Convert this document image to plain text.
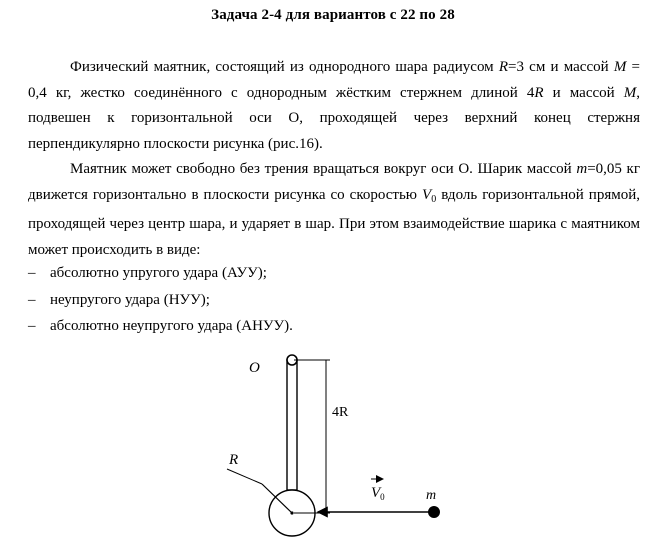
Задача 2-4 для вариантов с 22 по 28
Физический маятник, состоящий из однородного шара радиусом R=3 см и массой M = 0,4 кг, жестко соединённого с однородным жёстким стержнем длиной 4R и массой M, подвешен к горизонтальной оси О, проходящей через верхний конец стержня перпендикулярно плоскости рисунка (рис.16).
Маятник может свободно без трения вращаться вокруг оси О. Шарик массой m=0,05 кг движется горизонтально в плоскости рисунка со скоростью $V_0$ вдоль горизонтальной прямой, проходящей через центр шара, и ударяет в шар. При этом взаимодействие шарика с маятником может происходить в виде:
– абсолютно упругого удара (АУУ);
– неупругого удара (НУУ);
– абсолютно неупругого удара (АНУУ).
O
4R
R
$V_0$	m
